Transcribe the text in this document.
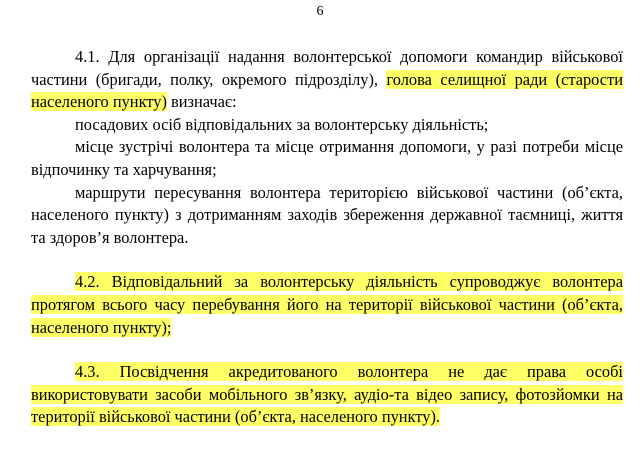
6

4.1. Для організації надання волонтерської допомоги командир військової частини (бригади, полку, окремого підрозділу), голова селищної ради (старости населеного пункту) визначає:

посадових осіб відповідальних за волонтерську діяльність;

місце зустрічі волонтера та місце отримання допомоги, у разі потреби місце відпочинку та харчування;

маршрути пересування волонтера територією військової частини (об’єкта, населеного пункту) з дотриманням заходів збереження державної таємниці, життя та здоров’я волонтера.

4.2. Відповідальний за волонтерську діяльність супроводжує волонтера протягом всього часу перебування його на території військової частини (об’єкта, населеного пункту);

4.3. Посвідчення акредитованого волонтера не дає права особі використовувати засоби мобільного зв’язку, аудіо-та відео запису, фотозйомки на території військової частини (об’єкта, населеного пункту).
